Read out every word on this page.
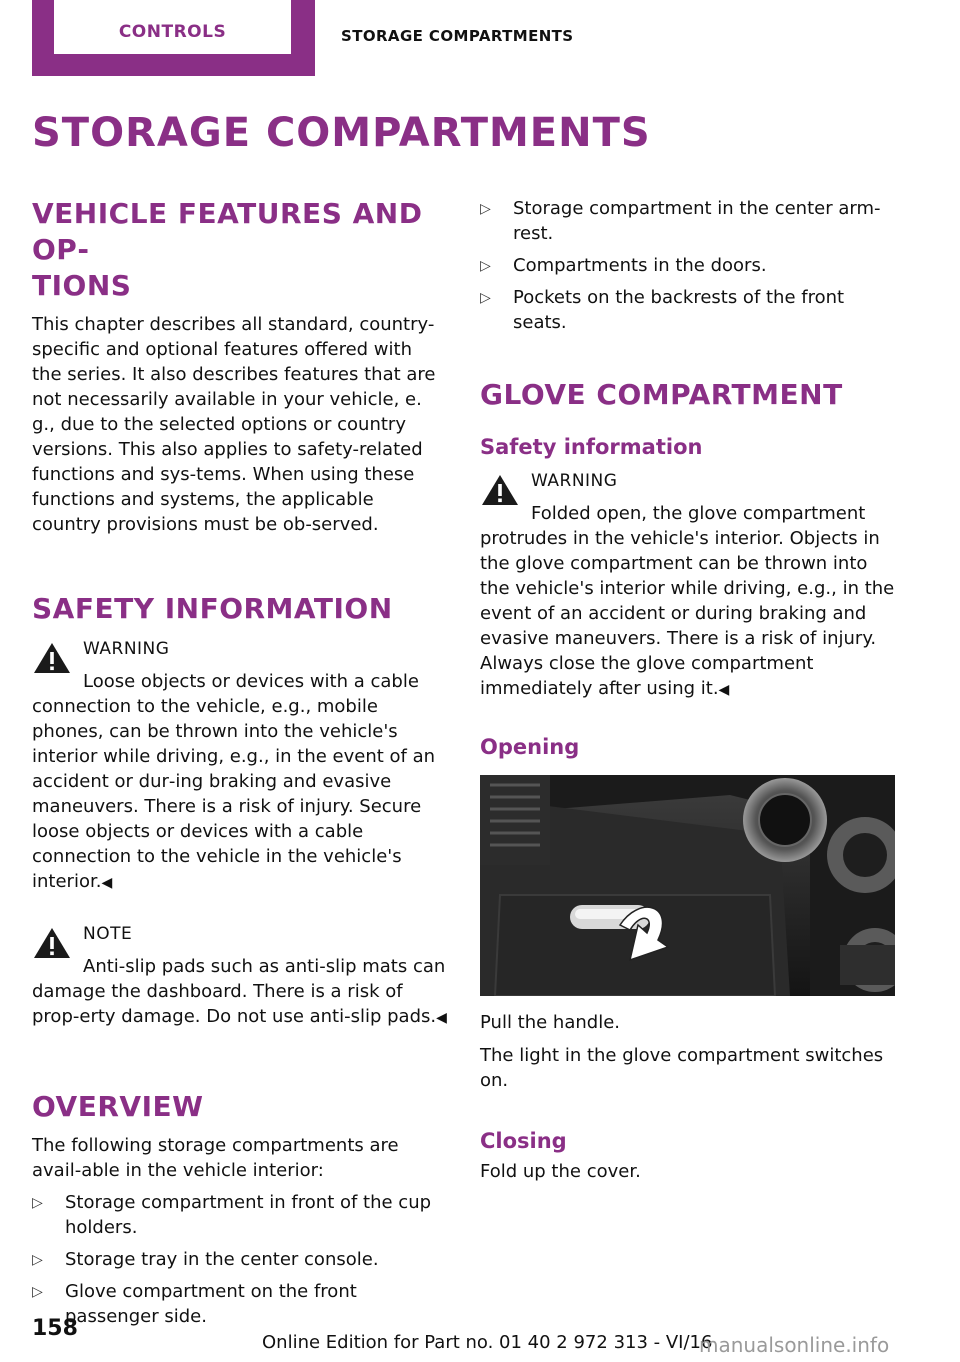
CONTROLS	STORAGE COMPARTMENTS
STORAGE COMPARTMENTS
VEHICLE FEATURES AND OP‐
TIONS

This chapter describes all standard, country-specific and optional features offered with the series. It also describes features that are not necessarily available in your vehicle, e. g., due to the selected options or country versions. This also applies to safety-related functions and sys‐tems. When using these functions and systems, the applicable country provisions must be ob‐served.

SAFETY INFORMATION
WARNING
Loose objects or devices with a cable connection to the vehicle, e.g., mobile phones, can be thrown into the vehicle's interior while driving, e.g., in the event of an accident or dur‐ing braking and evasive maneuvers. There is a risk of injury. Secure loose objects or devices with a cable connection to the vehicle in the vehicle's interior.◀
NOTE
Anti-slip pads such as anti-slip mats can damage the dashboard. There is a risk of prop‐erty damage. Do not use anti-slip pads.◀
OVERVIEW

The following storage compartments are avail‐able in the vehicle interior:

▷ Storage compartment in front of the cup holders.
▷ Storage tray in the center console.
▷ Glove compartment on the front passenger side.
▷ Storage compartment in the center arm‐rest.
▷ Compartments in the doors.
▷ Pockets on the backrests of the front seats.
GLOVE COMPARTMENT
Safety information
WARNING
Folded open, the glove compartment protrudes in the vehicle's interior. Objects in the glove compartment can be thrown into the vehicle's interior while driving, e.g., in the event of an accident or during braking and evasive maneuvers. There is a risk of injury. Always close the glove compartment immediately after using it.◀
Opening

Pull the handle.

The light in the glove compartment switches on.

Closing

Fold up the cover.

158
Online Edition for Part no. 01 40 2 972 313 - VI/16
manualsonline.info
